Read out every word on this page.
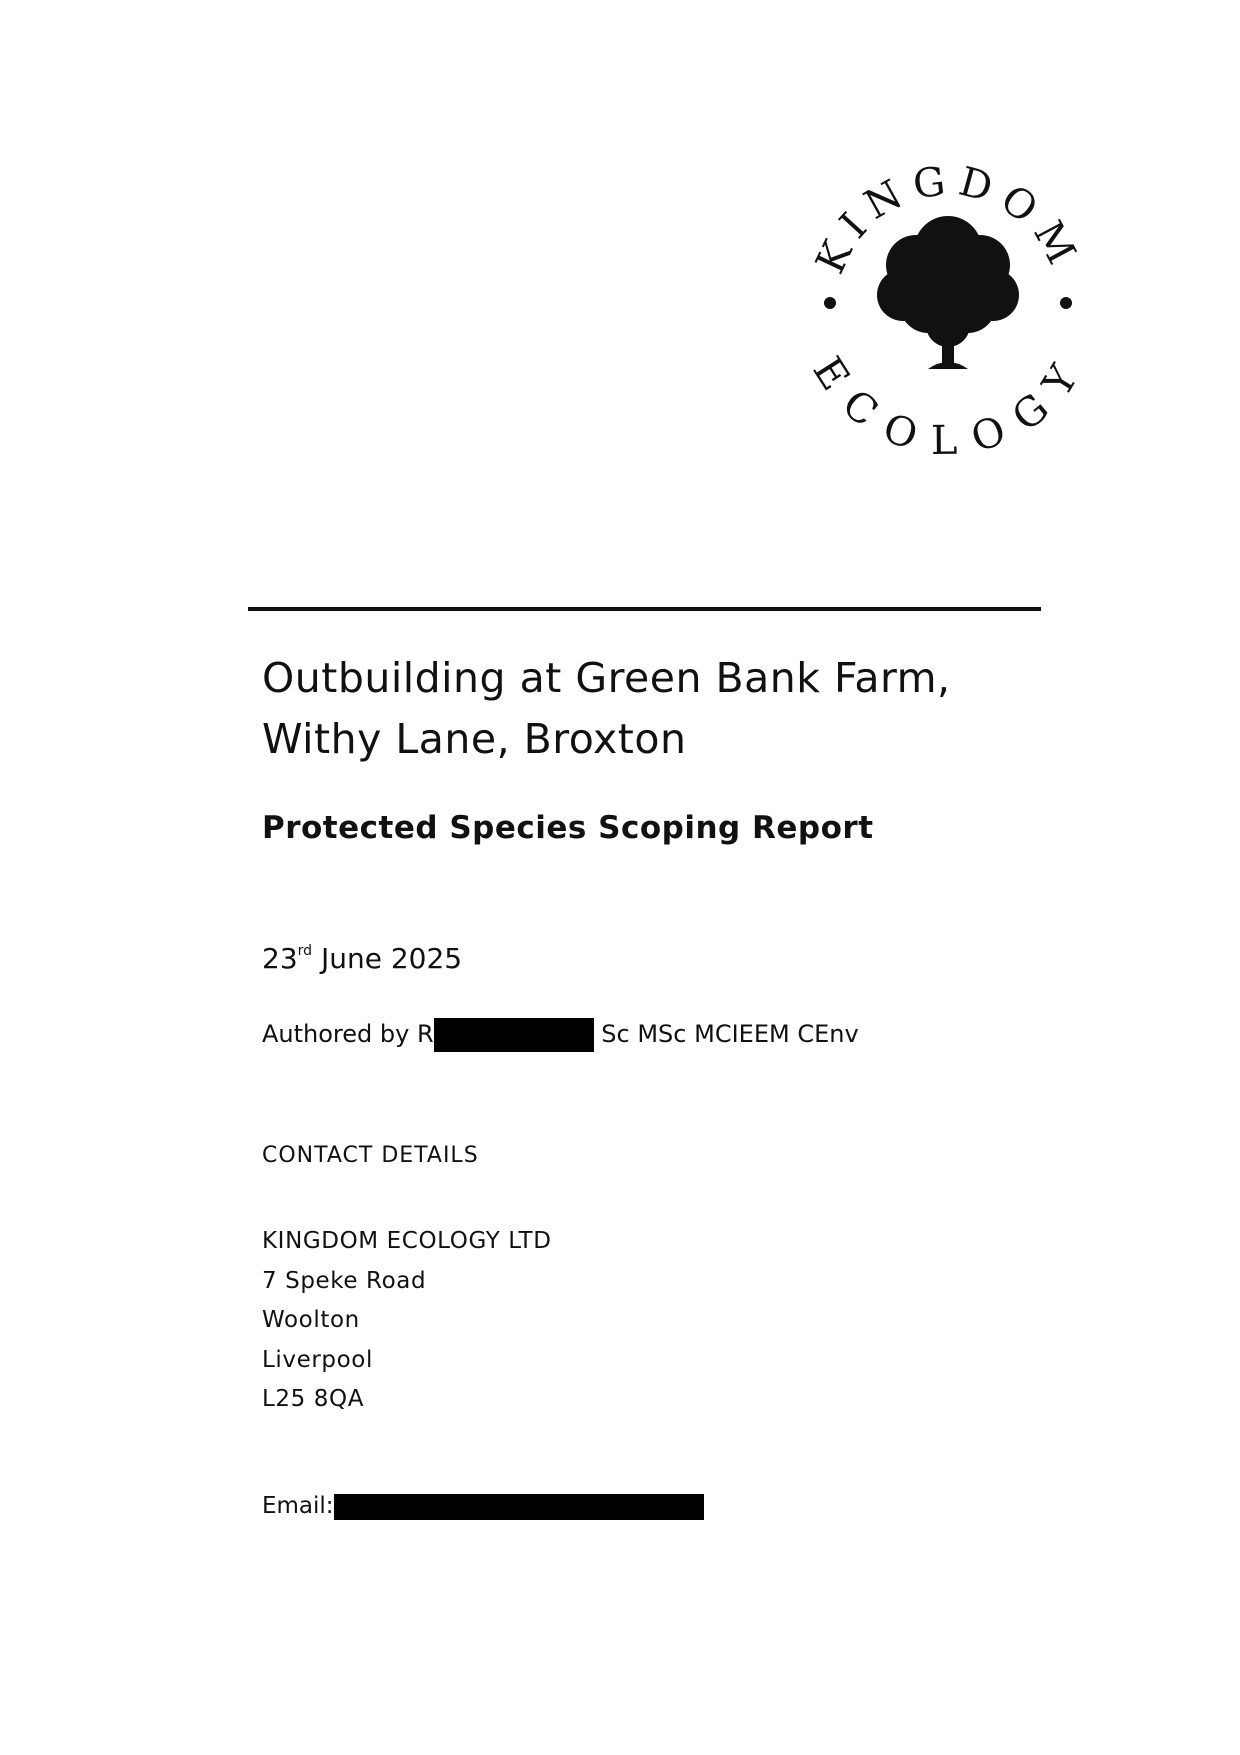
KINGDOM
ECOLOGY
Outbuilding at Green Bank Farm,
Withy Lane, Broxton
Protected Species Scoping Report
23rd June 2025
Authored by R	Sc MSc MCIEEM CEnv
CONTACT DETAILS
KINGDOM ECOLOGY LTD
7 Speke Road
Woolton
Liverpool
L25 8QA
Email:
